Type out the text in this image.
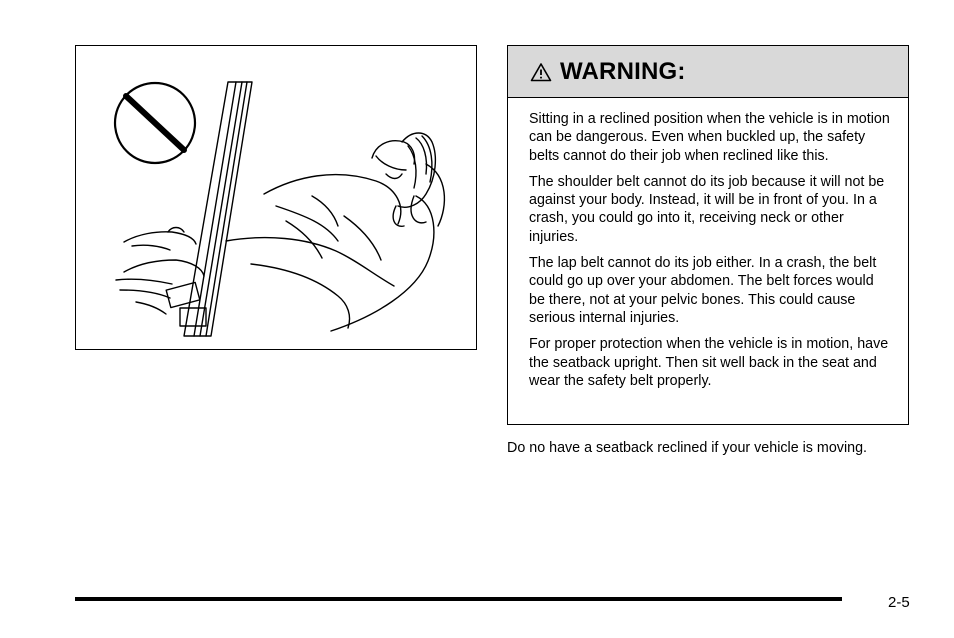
WARNING:

Sitting in a reclined position when the vehicle is in motion can be dangerous. Even when buckled up, the safety belts cannot do their job when reclined like this.

The shoulder belt cannot do its job because it will not be against your body. Instead, it will be in front of you. In a crash, you could go into it, receiving neck or other injuries.

The lap belt cannot do its job either. In a crash, the belt could go up over your abdomen. The belt forces would be there, not at your pelvic bones. This could cause serious internal injuries.

For proper protection when the vehicle is in motion, have the seatback upright. Then sit well back in the seat and wear the safety belt properly.

Do no have a seatback reclined if your vehicle is moving.

2-5
